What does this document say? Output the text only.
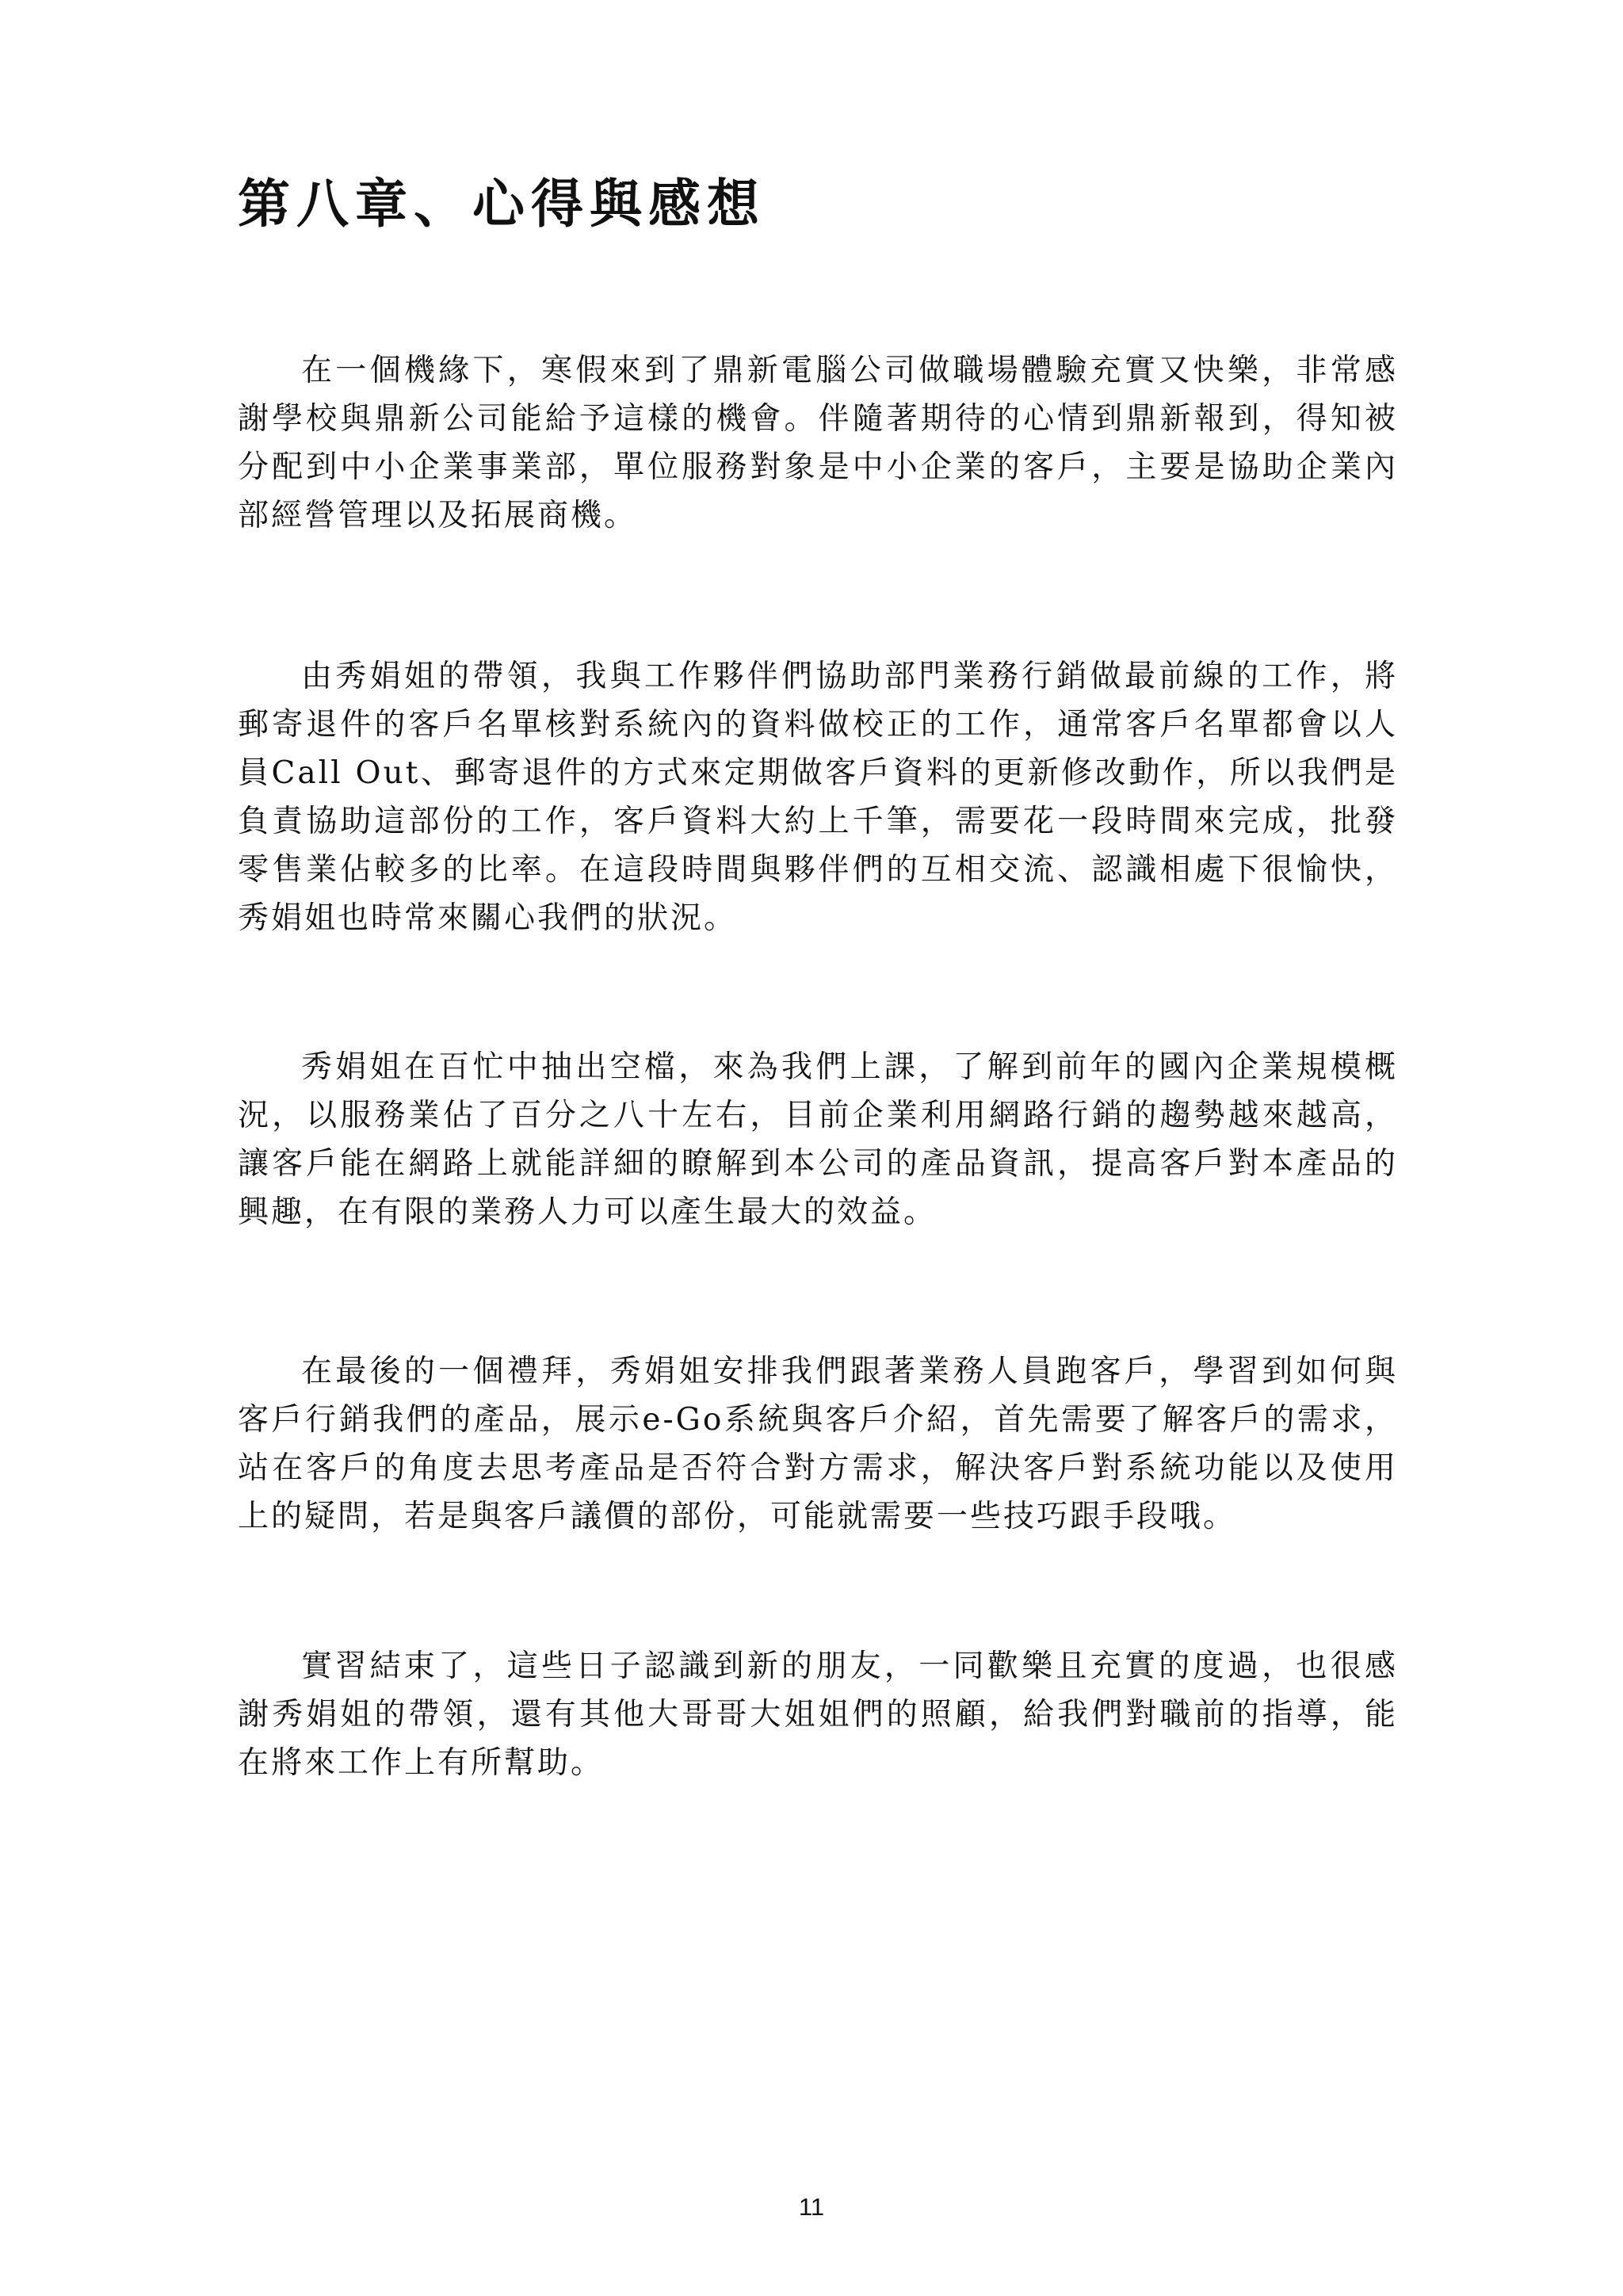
第八章、心得與感想

在一個機緣下，寒假來到了鼎新電腦公司做職場體驗充實又快樂，非常感謝學校與鼎新公司能給予這樣的機會。伴隨著期待的心情到鼎新報到，得知被分配到中小企業事業部，單位服務對象是中小企業的客戶，主要是協助企業內部經營管理以及拓展商機。

由秀娟姐的帶領，我與工作夥伴們協助部門業務行銷做最前線的工作，將郵寄退件的客戶名單核對系統內的資料做校正的工作，通常客戶名單都會以人員Call Out、郵寄退件的方式來定期做客戶資料的更新修改動作，所以我們是負責協助這部份的工作，客戶資料大約上千筆，需要花一段時間來完成，批發零售業佔較多的比率。在這段時間與夥伴們的互相交流、認識相處下很愉快，秀娟姐也時常來關心我們的狀況。

秀娟姐在百忙中抽出空檔，來為我們上課，了解到前年的國內企業規模概況，以服務業佔了百分之八十左右，目前企業利用網路行銷的趨勢越來越高，讓客戶能在網路上就能詳細的瞭解到本公司的產品資訊，提高客戶對本產品的興趣，在有限的業務人力可以產生最大的效益。

在最後的一個禮拜，秀娟姐安排我們跟著業務人員跑客戶，學習到如何與客戶行銷我們的產品，展示e-Go系統與客戶介紹，首先需要了解客戶的需求，站在客戶的角度去思考產品是否符合對方需求，解決客戶對系統功能以及使用上的疑問，若是與客戶議價的部份，可能就需要一些技巧跟手段哦。

實習結束了，這些日子認識到新的朋友，一同歡樂且充實的度過，也很感謝秀娟姐的帶領，還有其他大哥哥大姐姐們的照顧，給我們對職前的指導，能在將來工作上有所幫助。

11
